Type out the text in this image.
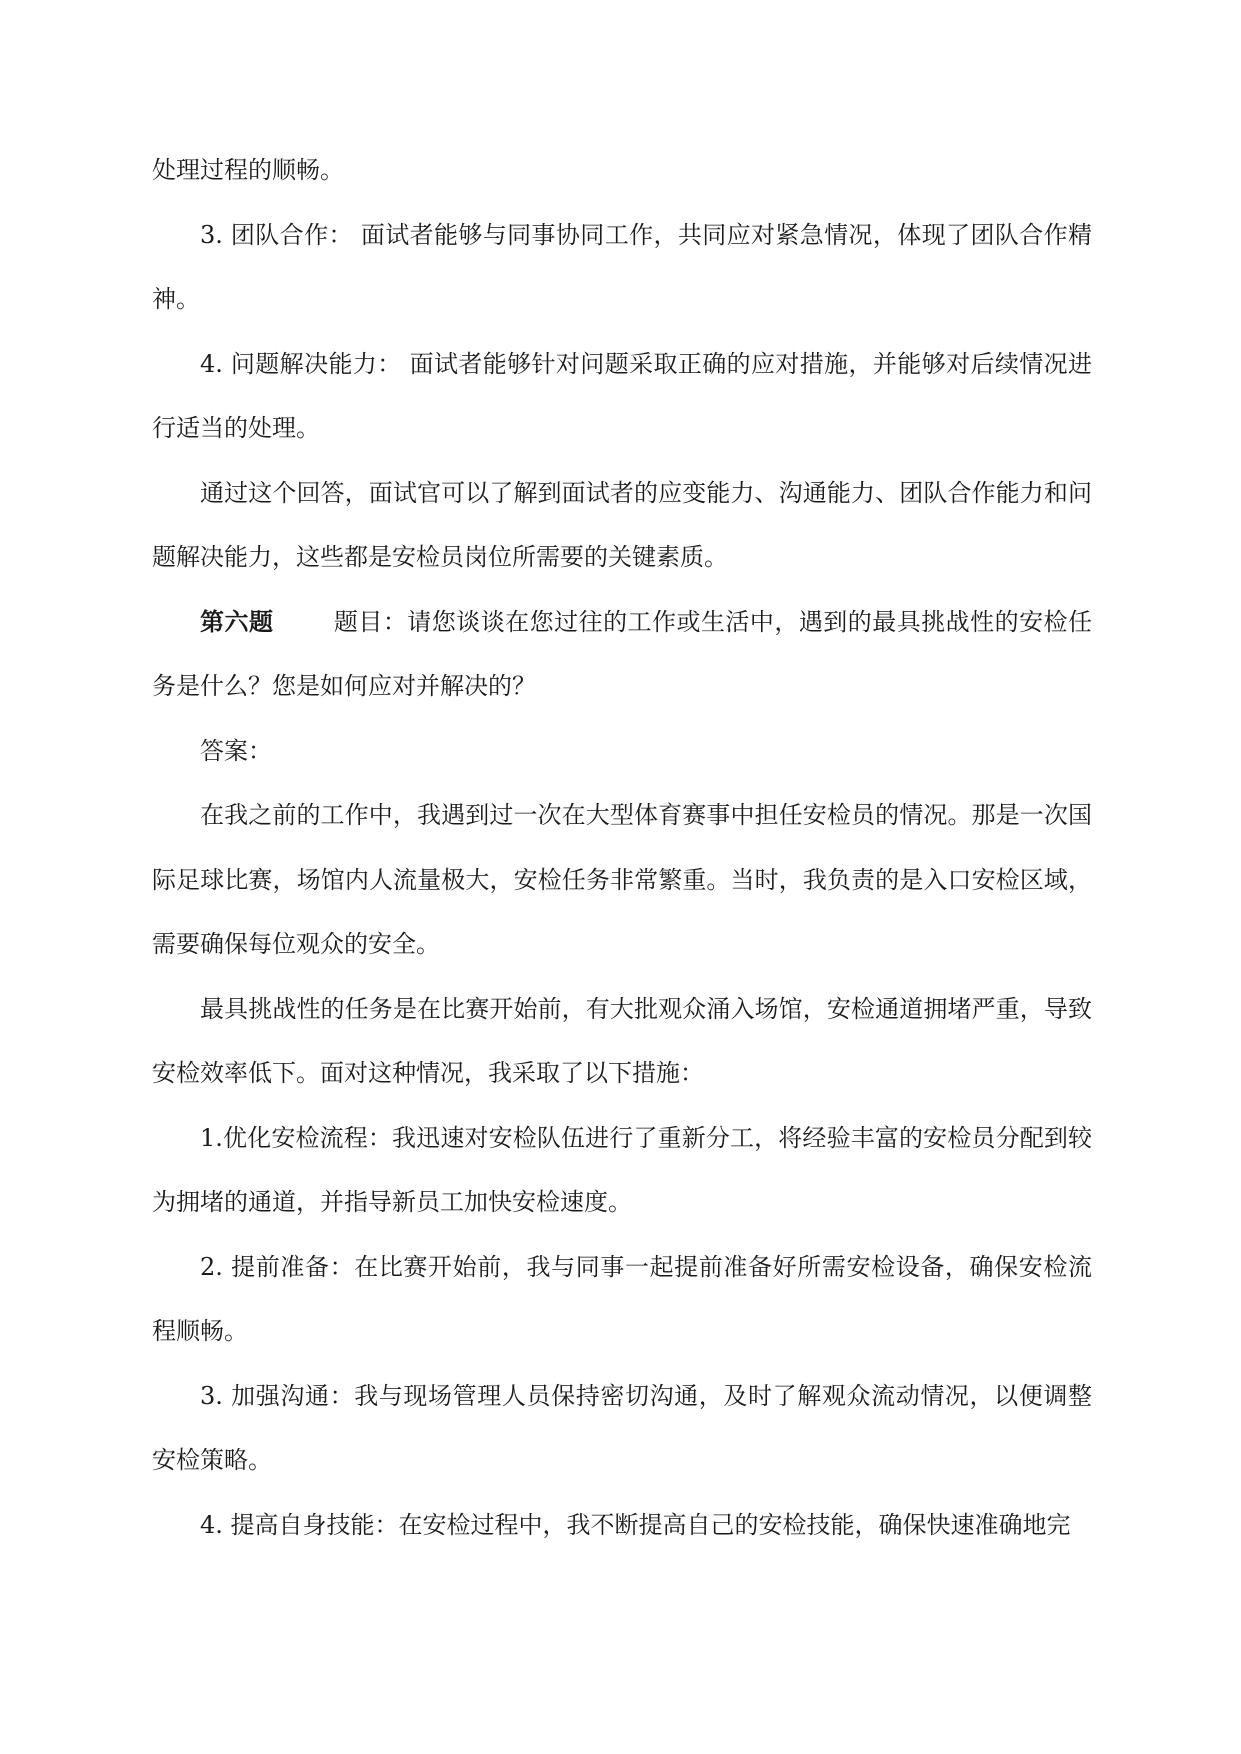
处理过程的顺畅。

3. 团队合作： 面试者能够与同事协同工作，共同应对紧急情况，体现了团队合作精神。

4. 问题解决能力： 面试者能够针对问题采取正确的应对措施，并能够对后续情况进行适当的处理。

通过这个回答，面试官可以了解到面试者的应变能力、沟通能力、团队合作能力和问题解决能力，这些都是安检员岗位所需要的关键素质。

第六题	题目：请您谈谈在您过往的工作或生活中，遇到的最具挑战性的安检任务是什么？您是如何应对并解决的？

答案：

在我之前的工作中，我遇到过一次在大型体育赛事中担任安检员的情况。那是一次国际足球比赛，场馆内人流量极大，安检任务非常繁重。当时，我负责的是入口安检区域，需要确保每位观众的安全。

最具挑战性的任务是在比赛开始前，有大批观众涌入场馆，安检通道拥堵严重，导致安检效率低下。面对这种情况，我采取了以下措施：

1.优化安检流程：我迅速对安检队伍进行了重新分工，将经验丰富的安检员分配到较为拥堵的通道，并指导新员工加快安检速度。

2. 提前准备：在比赛开始前，我与同事一起提前准备好所需安检设备，确保安检流程顺畅。

3. 加强沟通：我与现场管理人员保持密切沟通，及时了解观众流动情况，以便调整安检策略。

4. 提高自身技能：在安检过程中，我不断提高自己的安检技能，确保快速准确地完
